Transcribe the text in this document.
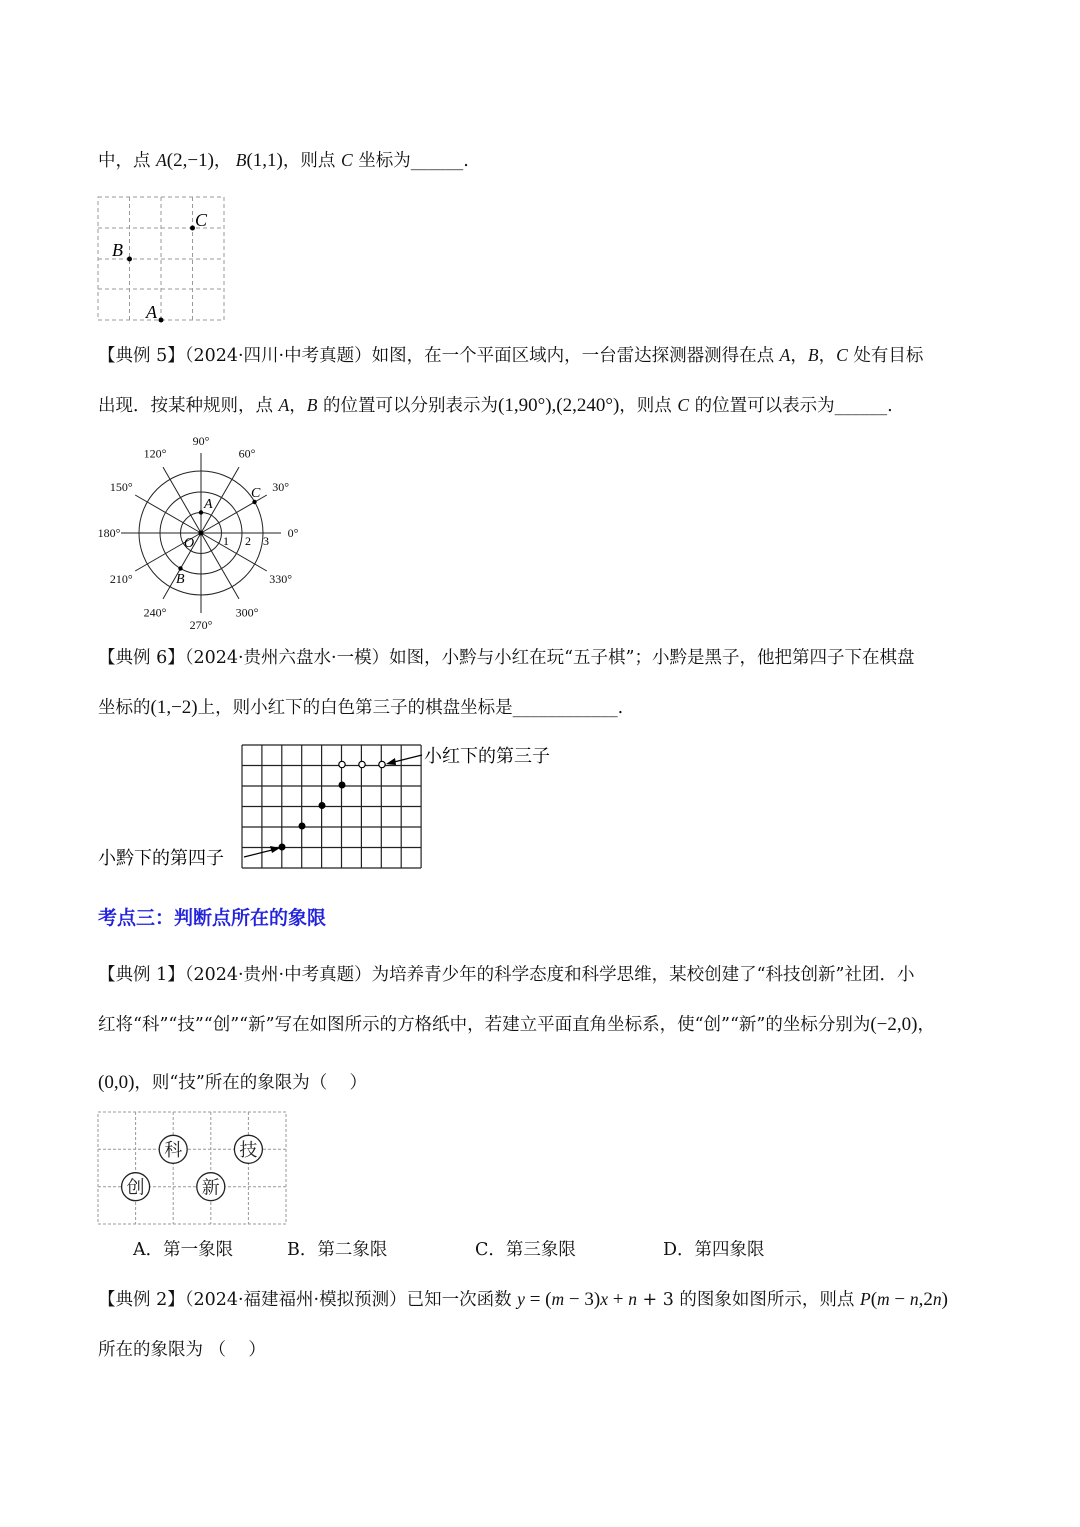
中，点 A(2,−1)， B(1,1)，则点 C 坐标为______.
【典例 5】（2024·四川·中考真题）如图，在一个平面区域内，一台雷达探测器测得在点 A，B，C 处有目标
出现．按某种规则，点 A，B 的位置可以分别表示为(1,90°),(2,240°)，则点 C 的位置可以表示为______.
【典例 6】（2024·贵州六盘水·一模）如图，小黔与小红在玩“五子棋”；小黔是黑子，他把第四子下在棋盘
坐标的(1,−2)上，则小红下的白色第三子的棋盘坐标是____________.
【典例 1】（2024·贵州·中考真题）为培养青少年的科学态度和科学思维，某校创建了“科技创新”社团．小
红将“科”“技”“创”“新”写在如图所示的方格纸中，若建立平面直角坐标系，使“创”“新”的坐标分别为(−2,0)，
(0,0)，则“技”所在的象限为（    ）
【典例 2】（2024·福建福州·模拟预测）已知一次函数 y = (m − 3)x + n + 3 的图象如图所示，则点 P(m − n,2n)
所在的象限为 （    ）
考点三：判断点所在的象限
A
B
C
A
B
C
O 1 2 3
0°
30°
60°
90°
120°
150°
180°
210°
240°
270°
300°
330°
小红下的第三子
小黔下的第四子
科	技
创	新
A．第一象限	B．第二象限	C．第三象限	D．第四象限
